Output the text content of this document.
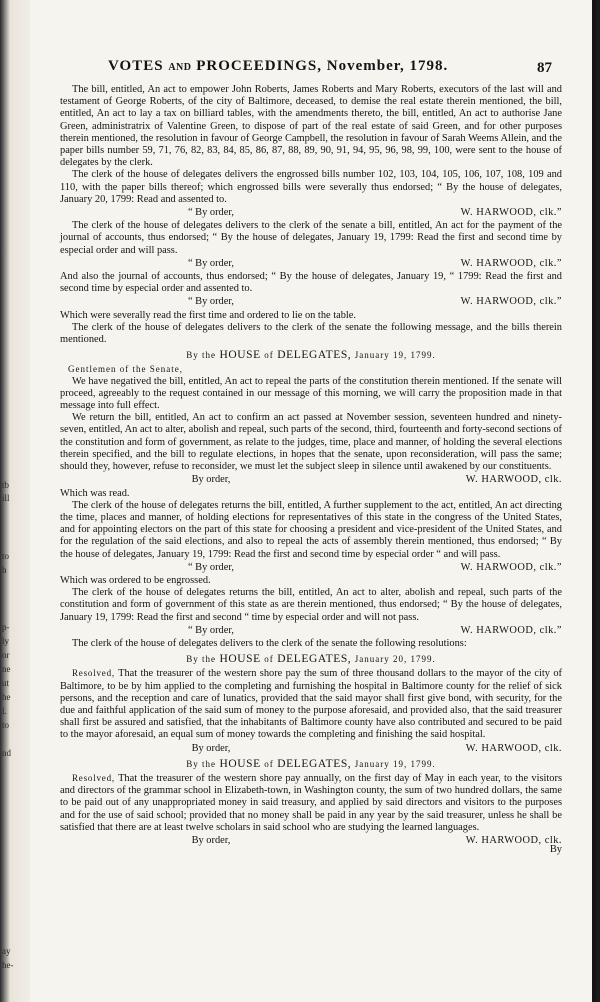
tb
ill
to
h
p-
ly
or
ne
ut
he
l.
to
nd
ay
he-
VOTES AND PROCEEDINGS, November, 1798.	87

The bill, entitled, An act to empower John Roberts, James Roberts and Mary Roberts, executors of the last will and testament of George Roberts, of the city of Baltimore, deceased, to demise the real estate therein mentioned, the bill, entitled, An act to lay a tax on billiard tables, with the amendments thereto, the bill, entitled, An act to authorise Jane Green, administratrix of Valentine Green, to dispose of part of the real estate of said Green, and for other purposes therein mentioned, the resolution in favour of George Campbell, the resolution in favour of Sarah Weems Allein, and the paper bills number 59, 71, 76, 82, 83, 84, 85, 86, 87, 88, 89, 90, 91, 94, 95, 96, 98, 99, 100, were sent to the house of delegates by the clerk.

The clerk of the house of delegates delivers the engrossed bills number 102, 103, 104, 105, 106, 107, 108, 109 and 110, with the paper bills thereof; which engrossed bills were severally thus endorsed; “ By the house of delegates, January 20, 1799: Read and assented to.

“ By order,	W. HARWOOD, clk.”

The clerk of the house of delegates delivers to the clerk of the senate a bill, entitled, An act for the payment of the journal of accounts, thus endorsed; “ By the house of delegates, January 19, 1799: Read the first and second time by especial order and will pass.

“ By order,	W. HARWOOD, clk.”

And also the journal of accounts, thus endorsed; “ By the house of delegates, January 19, “ 1799: Read the first and second time by especial order and assented to.

“ By order,	W. HARWOOD, clk.”

Which were severally read the first time and ordered to lie on the table.

The clerk of the house of delegates delivers to the clerk of the senate the following message, and the bills therein mentioned.

By the HOUSE of DELEGATES, January 19, 1799.

Gentlemen of the Senate,

We have negatived the bill, entitled, An act to repeal the parts of the constitution therein mentioned. If the senate will proceed, agreeably to the request contained in our message of this morning, we will carry the proposition made in that message into full effect.

We return the bill, entitled, An act to confirm an act passed at November session, seventeen hundred and ninety-seven, entitled, An act to alter, abolish and repeal, such parts of the second, third, fourteenth and forty-second sections of the constitution and form of government, as relate to the judges, time, place and manner, of holding the several elections therein specified, and the bill to regulate elections, in hopes that the senate, upon reconsideration, will pass the same; should they, however, refuse to reconsider, we must let the subject sleep in silence until awakened by our constituents.

By order,	W. HARWOOD, clk.

Which was read.

The clerk of the house of delegates returns the bill, entitled, A further supplement to the act, entitled, An act directing the time, places and manner, of holding elections for representatives of this state in the congress of the United States, and for appointing electors on the part of this state for choosing a president and vice-president of the United States, and for the regulation of the said elections, and also to repeal the acts of assembly therein mentioned, thus endorsed; “ By the house of delegates, January 19, 1799: Read the first and second time by especial order “ and will pass.

“ By order,	W. HARWOOD, clk.”

Which was ordered to be engrossed.

The clerk of the house of delegates returns the bill, entitled, An act to alter, abolish and repeal, such parts of the constitution and form of government of this state as are therein mentioned, thus endorsed; “ By the house of delegates, January 19, 1799: Read the first and second “ time by especial order and will not pass.

“ By order,	W. HARWOOD, clk.”

The clerk of the house of delegates delivers to the clerk of the senate the following resolutions:

By the HOUSE of DELEGATES, January 20, 1799.

Resolved, That the treasurer of the western shore pay the sum of three thousand dollars to the mayor of the city of Baltimore, to be by him applied to the completing and furnishing the hospital in Baltimore county for the relief of sick persons, and the reception and care of lunatics, provided that the said mayor shall first give bond, with security, for the due and faithful application of the said sum of money to the purpose aforesaid, and provided also, that the said treasurer shall first be assured and satisfied, that the inhabitants of Baltimore county have also contributed and secured to be paid to the mayor aforesaid, an equal sum of money towards the completing and finishing the said hospital.

By order,	W. HARWOOD, clk.
By the HOUSE of DELEGATES, January 19, 1799.

Resolved, That the treasurer of the western shore pay annually, on the first day of May in each year, to the visitors and directors of the grammar school in Elizabeth-town, in Washington county, the sum of two hundred dollars, the same to be paid out of any unappropriated money in said treasury, and applied by said directors and visitors to the purposes and for the use of said school; provided that no money shall be paid in any year by the said treasurer, unless he shall be satisfied that there are at least twelve scholars in said school who are studying the learned languages.

By order,	W. HARWOOD, clk.
By
